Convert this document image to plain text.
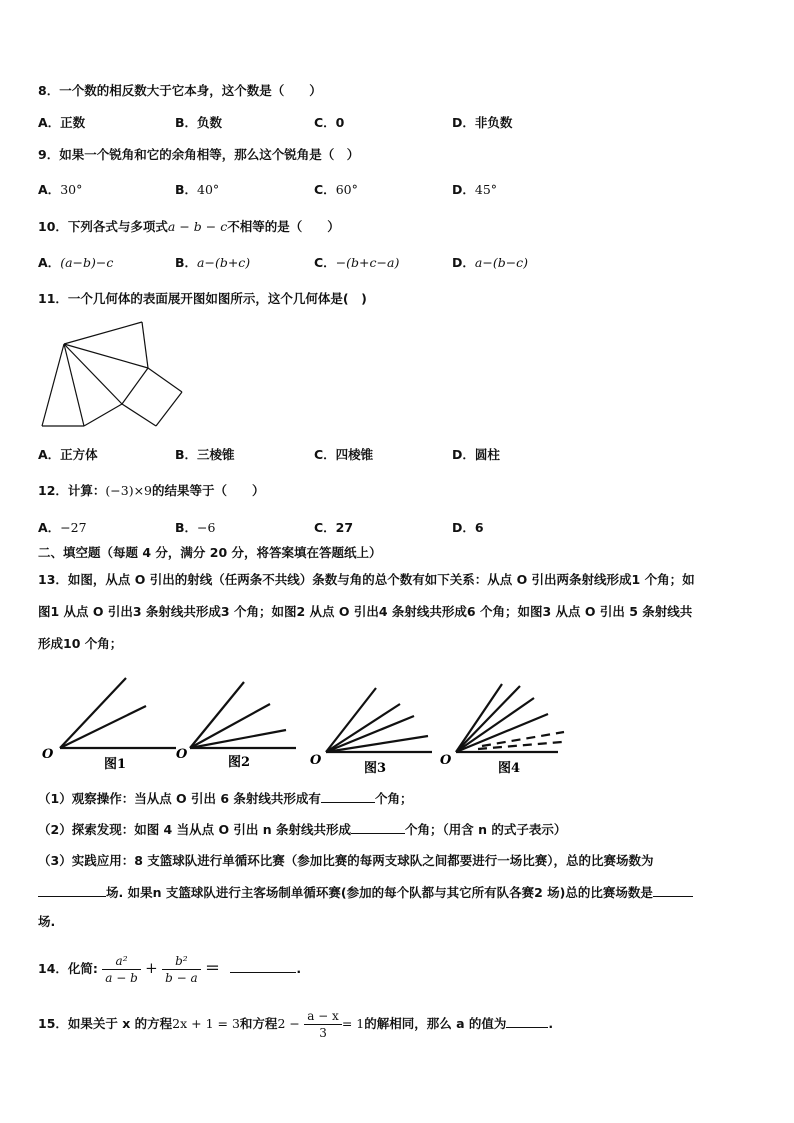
8．一个数的相反数大于它本身，这个数是（　　）
A．正数	B．负数	C．0	D．非负数
9．如果一个锐角和它的余角相等，那么这个锐角是（　）
A．30°	B．40°	C．60°	D．45°
10．下列各式与多项式a − b − c不相等的是（　　）
A．(a−b)−c	B．a−(b+c)	C．−(b+c−a)	D．a−(b−c)
11．一个几何体的表面展开图如图所示，这个几何体是(　)
A．正方体	B．三棱锥	C．四棱锥	D．圆柱
12．计算：(−3)×9的结果等于（　　）
A．−27	B．−6	C．27	D．6
二、填空题（每题 4 分，满分 20 分，将答案填在答题纸上）
13．如图，从点 O 引出的射线（任两条不共线）条数与角的总个数有如下关系：从点 O 引出两条射线形成1 个角；如
图1 从点 O 引出3 条射线共形成3 个角；如图2 从点 O 引出4 条射线共形成6 个角；如图3 从点 O 引出 5 条射线共
形成10 个角；
O	O	O	O
图1	图2	图3	图4
（1）观察操作：当从点 O 引出 6 条射线共形成有	个角；
（2）探索发现：如图 4 当从点 O 引出 n 条射线共形成	个角；（用含 n 的式子表示）
（3）实践应用：8 支篮球队进行单循环比赛（参加比赛的每两支球队之间都要进行一场比赛），总的比赛场数为
场. 如果n 支篮球队进行主客场制单循环赛(参加的每个队都与其它所有队各赛2 场)总的比赛场数是
场.
14．化简: $\frac{\text{a²}}{a - b} + \frac{\text{b²}}{b - a}$ ＝	.
15．如果关于 x 的方程2x + 1 = 3和方程$2 - \frac{a - x}{3} = 1$的解相同，那么 a 的值为	.
